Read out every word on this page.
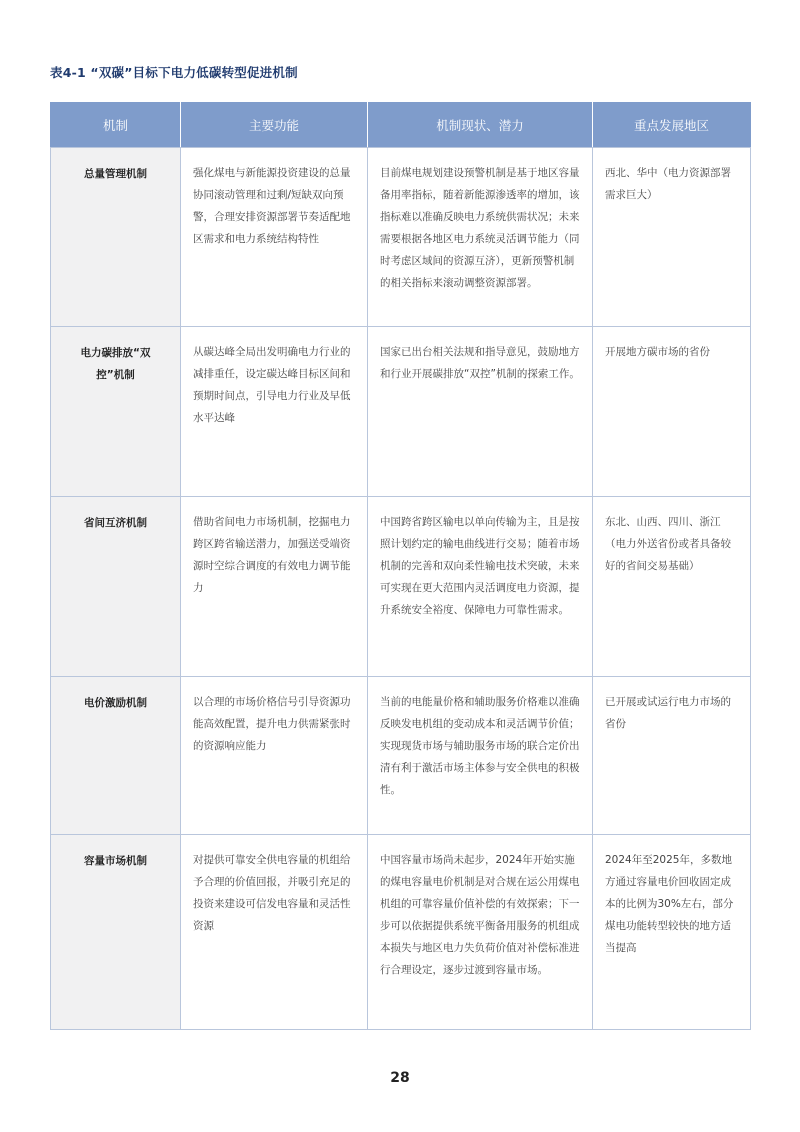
表4-1 “双碳”目标下电力低碳转型促进机制
机制	主要功能	机制现状、潜力	重点发展地区

总量管理机制	强化煤电与新能源投资建设的总量协同滚动管理和过剩/短缺双向预警，合理安排资源部署节奏适配地区需求和电力系统结构特性	目前煤电规划建设预警机制是基于地区容量备用率指标，随着新能源渗透率的增加，该指标难以准确反映电力系统供需状况；未来需要根据各地区电力系统灵活调节能力（同时考虑区域间的资源互济），更新预警机制的相关指标来滚动调整资源部署。	西北、华中（电力资源部署需求巨大）

电力碳排放“双控”机制	从碳达峰全局出发明确电力行业的减排重任，设定碳达峰目标区间和预期时间点，引导电力行业及早低水平达峰	国家已出台相关法规和指导意见，鼓励地方和行业开展碳排放“双控”机制的探索工作。	开展地方碳市场的省份

省间互济机制	借助省间电力市场机制，挖掘电力跨区跨省输送潜力，加强送受端资源时空综合调度的有效电力调节能力	中国跨省跨区输电以单向传输为主，且是按照计划约定的输电曲线进行交易；随着市场机制的完善和双向柔性输电技术突破，未来可实现在更大范围内灵活调度电力资源，提升系统安全裕度、保障电力可靠性需求。	东北、山西、四川、浙江（电力外送省份或者具备较好的省间交易基础）

电价激励机制	以合理的市场价格信号引导资源功能高效配置，提升电力供需紧张时的资源响应能力	当前的电能量价格和辅助服务价格难以准确反映发电机组的变动成本和灵活调节价值；实现现货市场与辅助服务市场的联合定价出清有利于激活市场主体参与安全供电的积极性。	已开展或试运行电力市场的省份

容量市场机制	对提供可靠安全供电容量的机组给予合理的价值回报，并吸引充足的投资来建设可信发电容量和灵活性资源	中国容量市场尚未起步，2024年开始实施的煤电容量电价机制是对合规在运公用煤电机组的可靠容量价值补偿的有效探索；下一步可以依据提供系统平衡备用服务的机组成本损失与地区电力失负荷价值对补偿标准进行合理设定，逐步过渡到容量市场。	2024年至2025年，多数地方通过容量电价回收固定成本的比例为30%左右，部分煤电功能转型较快的地方适当提高
28
